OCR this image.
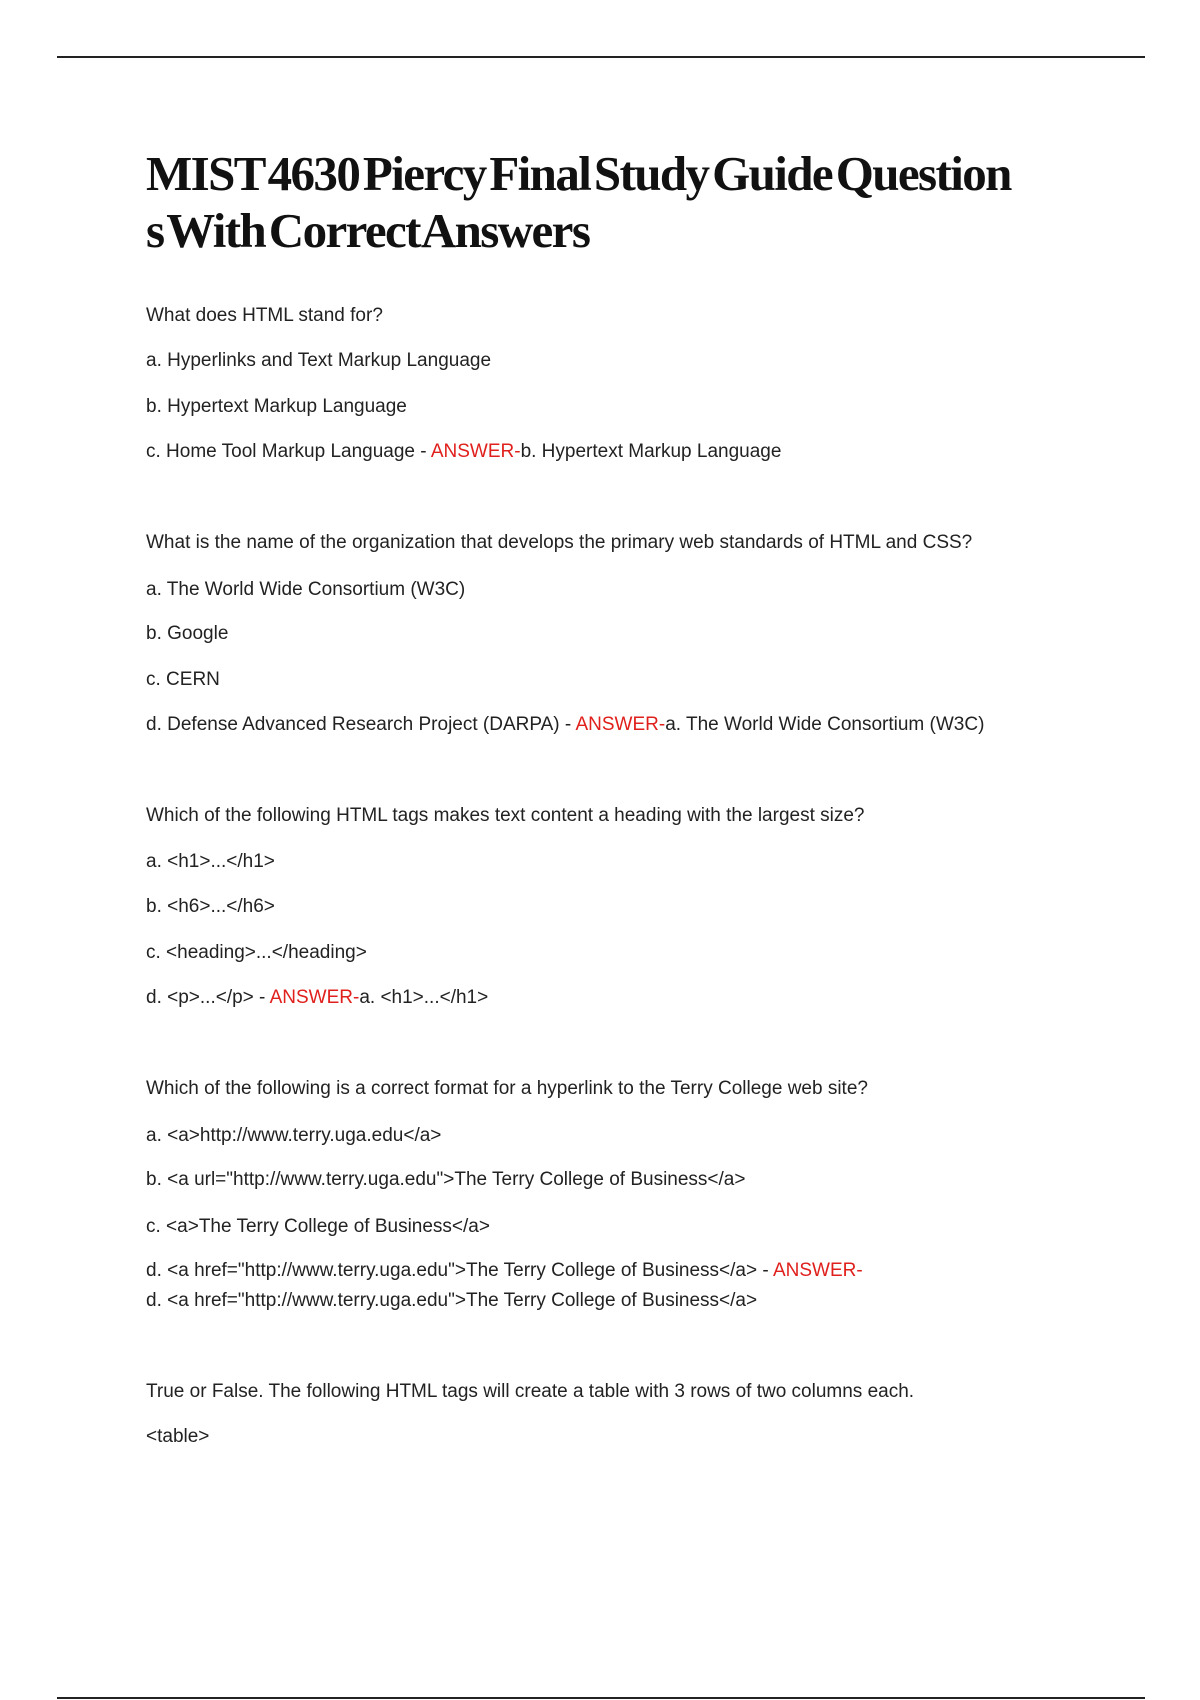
MIST 4630 Piercy Final Study Guide Question
s With Correct Answers
What does HTML stand for?
a. Hyperlinks and Text Markup Language
b. Hypertext Markup Language
c. Home Tool Markup Language - ANSWER-b. Hypertext Markup Language
What is the name of the organization that develops the primary web standards of HTML and CSS?
a. The World Wide Consortium (W3C)
b. Google
c. CERN
d. Defense Advanced Research Project (DARPA) - ANSWER-a. The World Wide Consortium (W3C)
Which of the following HTML tags makes text content a heading with the largest size?
a. <h1>...</h1>
b. <h6>...</h6>
c. <heading>...</heading>
d. <p>...</p> - ANSWER-a. <h1>...</h1>
Which of the following is a correct format for a hyperlink to the Terry College web site?
a. <a>http://www.terry.uga.edu</a>
b. <a url="http://www.terry.uga.edu">The Terry College of Business</a>
c. <a>The Terry College of Business</a>
d. <a href="http://www.terry.uga.edu">The Terry College of Business</a> - ANSWER-
d. <a href="http://www.terry.uga.edu">The Terry College of Business</a>
True or False. The following HTML tags will create a table with 3 rows of two columns each.
<table>
